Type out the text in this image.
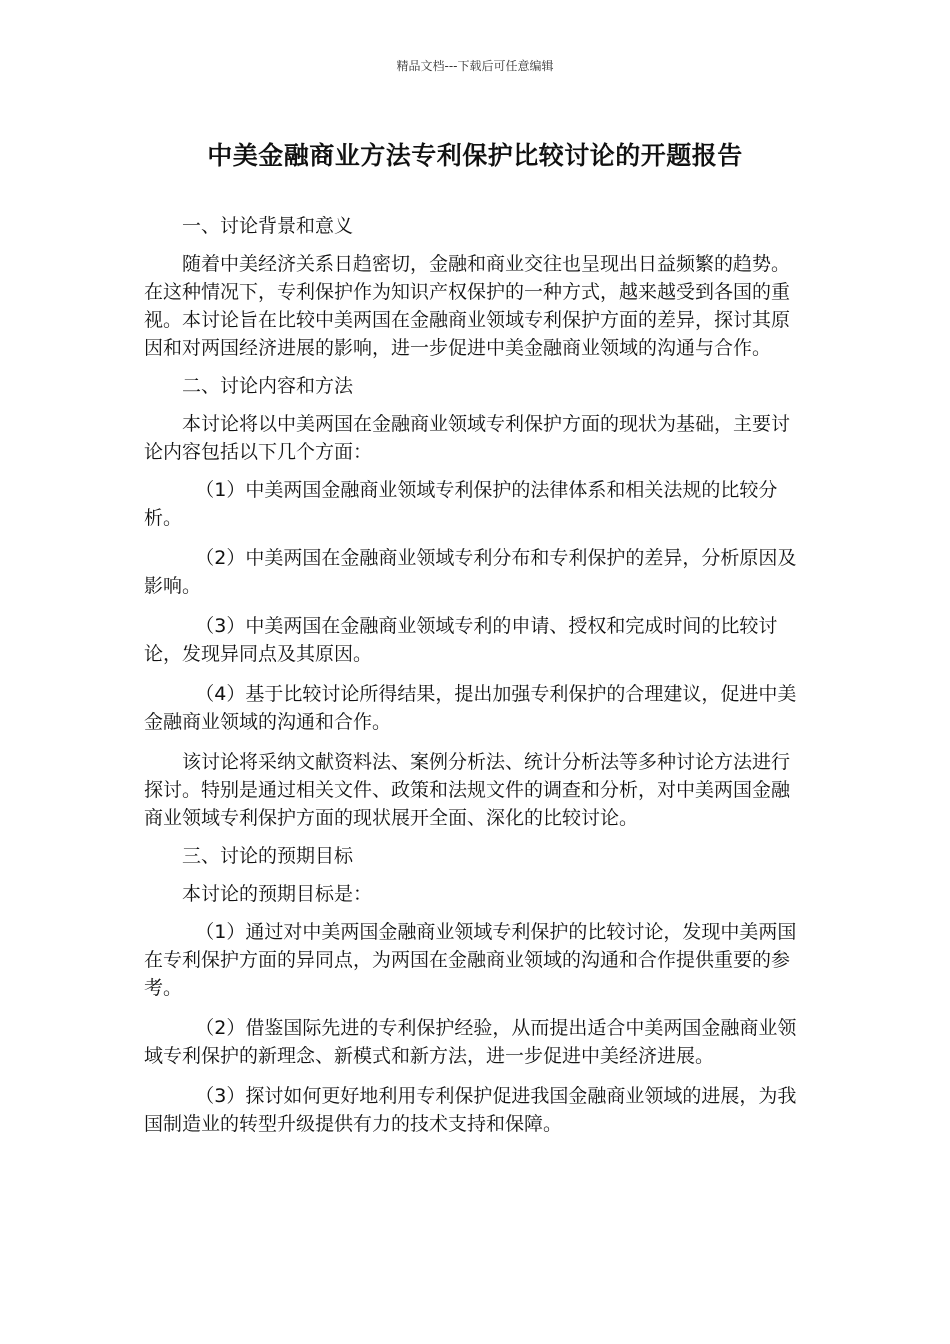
精品文档---下载后可任意编辑
中美金融商业方法专利保护比较讨论的开题报告

一、讨论背景和意义

随着中美经济关系日趋密切，金融和商业交往也呈现出日益频繁的趋势。在这种情况下，专利保护作为知识产权保护的一种方式，越来越受到各国的重视。本讨论旨在比较中美两国在金融商业领域专利保护方面的差异，探讨其原因和对两国经济进展的影响，进一步促进中美金融商业领域的沟通与合作。

二、讨论内容和方法

本讨论将以中美两国在金融商业领域专利保护方面的现状为基础，主要讨论内容包括以下几个方面：

（1）中美两国金融商业领域专利保护的法律体系和相关法规的比较分析。

（2）中美两国在金融商业领域专利分布和专利保护的差异，分析原因及影响。

（3）中美两国在金融商业领域专利的申请、授权和完成时间的比较讨论，发现异同点及其原因。

（4）基于比较讨论所得结果，提出加强专利保护的合理建议，促进中美金融商业领域的沟通和合作。

该讨论将采纳文献资料法、案例分析法、统计分析法等多种讨论方法进行探讨。特别是通过相关文件、政策和法规文件的调查和分析，对中美两国金融商业领域专利保护方面的现状展开全面、深化的比较讨论。

三、讨论的预期目标

本讨论的预期目标是：

（1）通过对中美两国金融商业领域专利保护的比较讨论，发现中美两国在专利保护方面的异同点，为两国在金融商业领域的沟通和合作提供重要的参考。

（2）借鉴国际先进的专利保护经验，从而提出适合中美两国金融商业领域专利保护的新理念、新模式和新方法，进一步促进中美经济进展。

（3）探讨如何更好地利用专利保护促进我国金融商业领域的进展，为我国制造业的转型升级提供有力的技术支持和保障。
